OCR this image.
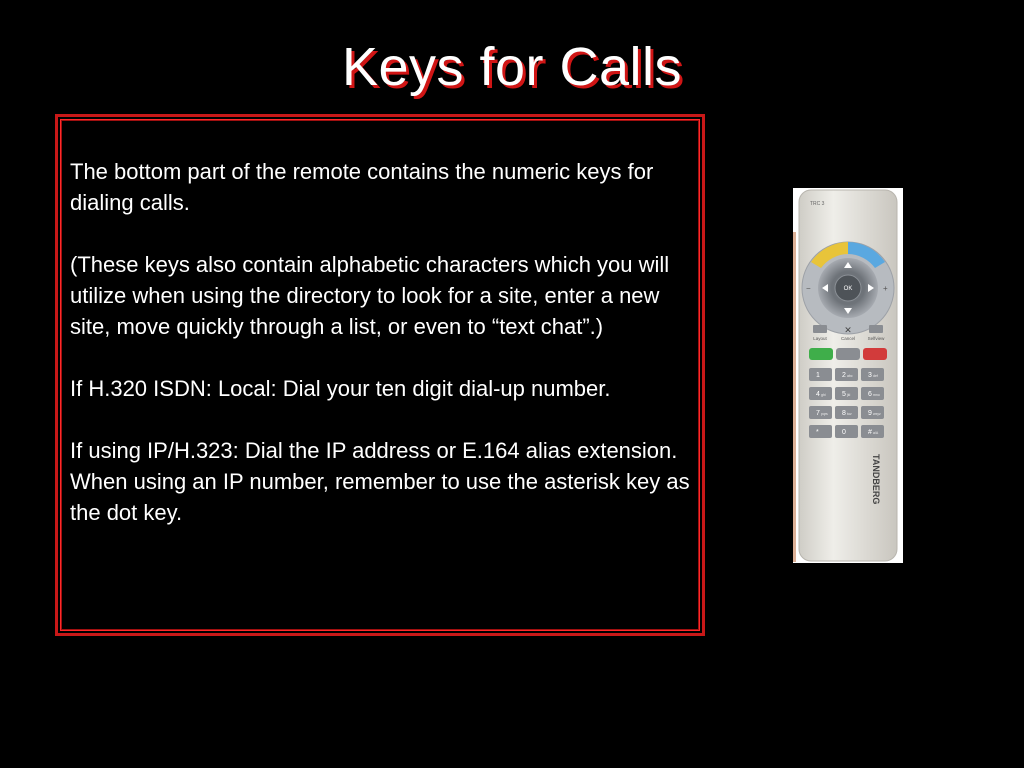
Keys for Calls

The bottom part of the remote contains the numeric keys for dialing calls.

(These keys also contain alphabetic characters which you will utilize when using the directory to look for a site, enter a new site, move quickly through a list, or even to “text chat”.)

If H.320 ISDN: Local: Dial your ten digit dial-up number.

If using IP/H.323: Dial the IP address or E.164 alias extension. When using an IP number, remember to use the asterisk key as the dot key.

TRC 3
OK
−	+
Layout
✕
Cancel	Selfview
1	2 abc 3 def
4 ghi 5 jkl	6 mno
7 pqrs 8 tuv 9 wxyz
*	0	# a/A
TANDBERG
